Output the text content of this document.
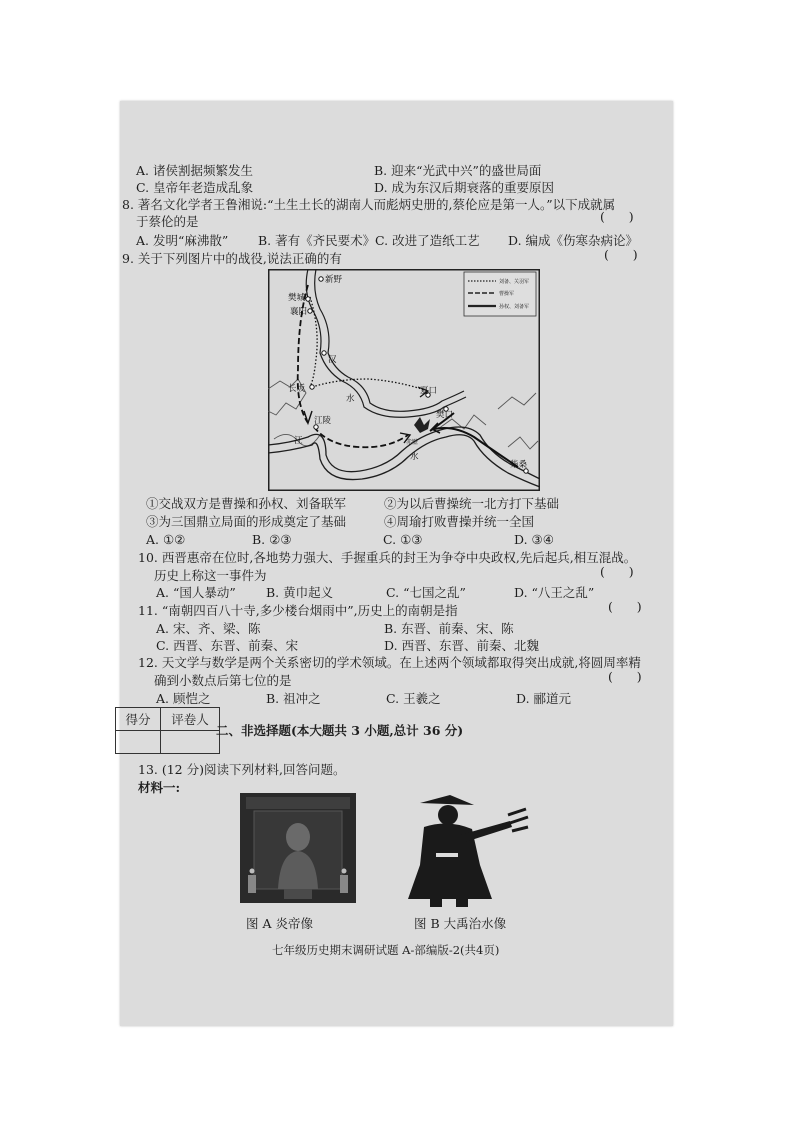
A. 诸侯割据频繁发生	B. 迎来“光武中兴”的盛世局面
C. 皇帝年老造成乱象	D. 成为东汉后期衰落的重要原因
8. 著名文化学者王鲁湘说:“土生土长的湖南人而彪炳史册的,蔡伦应是第一人。”以下成就属
于蔡伦的是	(      )
A. 发明“麻沸散” B. 著有《齐民要术》 C. 改进了造纸工艺 D. 编成《伤寒杂病论》
9. 关于下列图片中的战役,说法正确的有	(      )
刘备、关羽军
曹操军
孙权、刘备军
新野
樊城
襄阳
汉
长坂
水
夏口
樊口
江陵
江	赤壁
水
柴桑
①交战双方是曹操和孙权、刘备联军	②为以后曹操统一北方打下基础
③为三国鼎立局面的形成奠定了基础	④周瑜打败曹操并统一全国
A. ①②	B. ②③	C. ①③	D. ③④
10. 西晋惠帝在位时,各地势力强大、手握重兵的封王为争夺中央政权,先后起兵,相互混战。
历史上称这一事件为	(      )
A. “国人暴动” B. 黄巾起义	C. “七国之乱”	D. “八王之乱”
11. “南朝四百八十寺,多少楼台烟雨中”,历史上的南朝是指	(      )
A. 宋、齐、梁、陈	B. 东晋、前秦、宋、陈
C. 西晋、东晋、前秦、宋	D. 西晋、东晋、前秦、北魏
12. 天文学与数学是两个关系密切的学术领域。在上述两个领域都取得突出成就,将圆周率精
确到小数点后第七位的是	(      )
A. 顾恺之	B. 祖冲之	C. 王羲之	D. 郦道元
得分	评卷人

二、非选择题(本大题共 3 小题,总计 36 分)
13. (12 分)阅读下列材料,回答问题。
材料一:
图 A 炎帝像	图 B 大禹治水像
七年级历史期末调研试题 A-部编版-2(共4页)
